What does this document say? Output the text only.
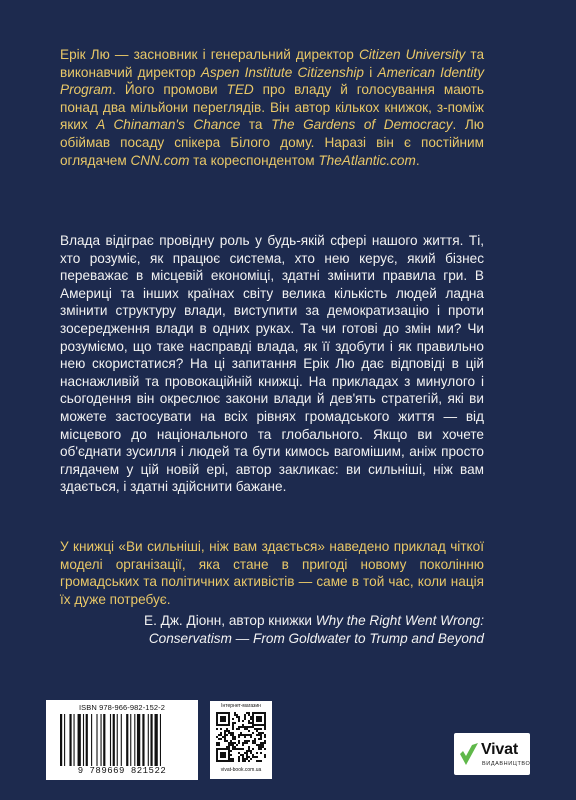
Ерік Лю — засновник і генеральний директор Citizen University та виконавчий директор Aspen Institute Citizenship і American Identity Program. Його промови TED про владу й голосування мають понад два мільйони переглядів. Він автор кількох книжок, з-поміж яких A Chinaman's Chance та The Gardens of Democracy. Лю обіймав посаду спікера Білого дому. Наразі він є постійним оглядачем CNN.com та кореспондентом TheAtlantic.com.

Влада відіграє провідну роль у будь-якій сфері нашого життя. Ті, хто розуміє, як працює система, хто нею керує, який бізнес переважає в місцевій економіці, здатні змінити правила гри. В Америці та інших країнах світу велика кількість людей ладна змінити структуру влади, виступити за демократизацію і проти зосередження влади в одних руках. Та чи готові до змін ми? Чи розуміємо, що таке насправді влада, як її здобути і як правильно нею скористатися? На ці запитання Ерік Лю дає відповіді в цій наснажливій та провокаційній книжці. На прикладах з минулого і сьогодення він окреслює закони влади й дев'ять стратегій, які ви можете застосувати на всіх рівнях громадського життя — від місцевого до національного та глобального. Якщо ви хочете об'єднати зусилля і людей та бути кимось вагомішим, аніж просто глядачем у цій новій ері, автор закликає: ви сильніші, ніж вам здається, і здатні здійснити бажане.

У книжці «Ви сильніші, ніж вам здається» наведено приклад чіткої моделі організації, яка стане в пригоді новому поколінню громадських та політичних активістів — саме в той час, коли нація їх дуже потребує.

Е. Дж. Діонн, автор книжки Why the Right Went Wrong:
Conservatism — From Goldwater to Trump and Beyond

ISBN 978-966-982-152-2
9 789669 821522
Інтернет-магазин
vivat-book.com.ua
Vivat
ВИДАВНИЦТВО
